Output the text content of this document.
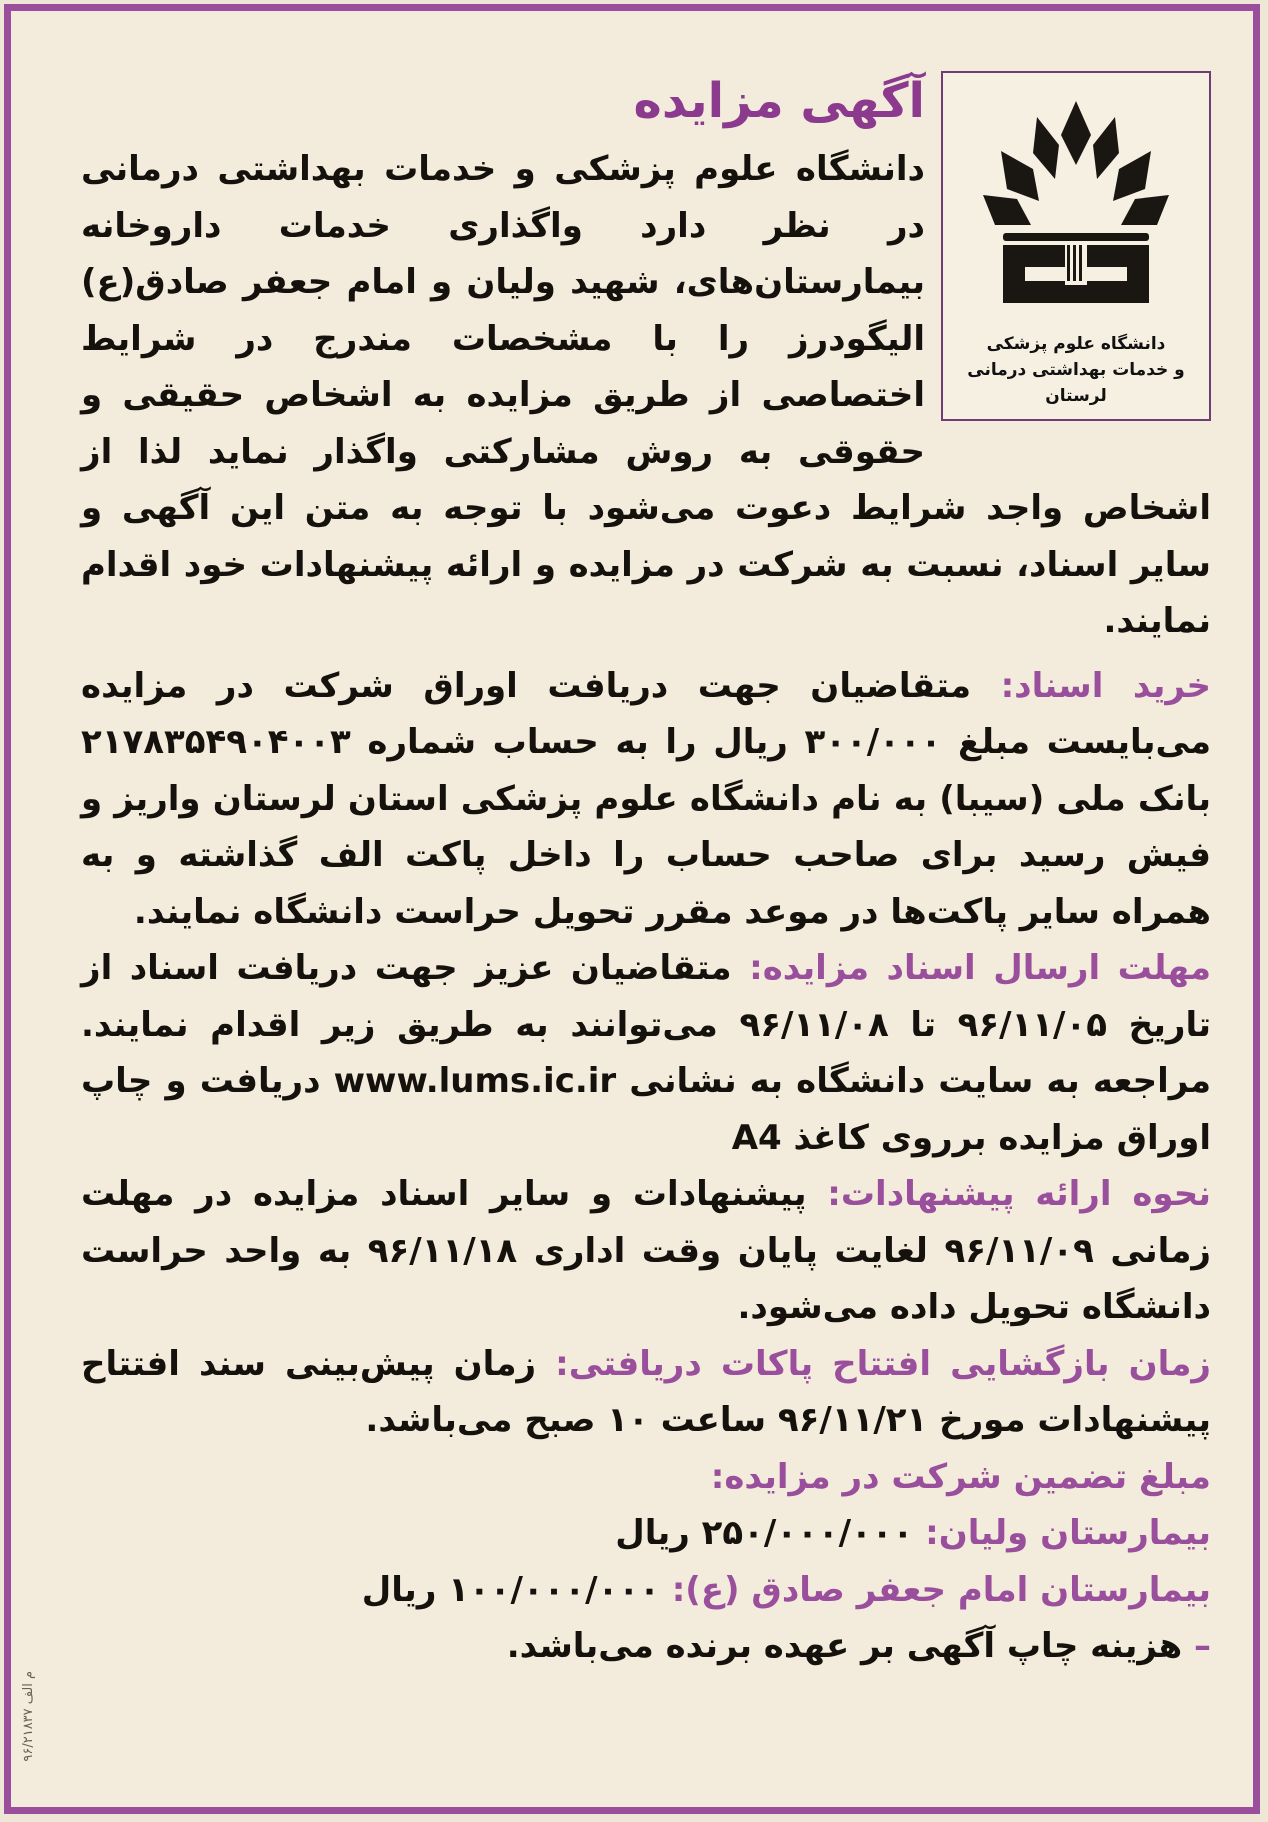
دانشگاه علوم پزشکی
و خدمات بهداشتی درمانی لرستان
آگهی مزایده

دانشگاه علوم پزشکی و خدمات بهداشتی درمانی در نظر دارد واگذاری خدمات داروخانه بیمارستان‌های، شهید ولیان و امام جعفر صادق(ع) الیگودرز را با مشخصات مندرج در شرایط اختصاصی از طریق مزایده به اشخاص حقیقی و حقوقی به روش مشارکتی واگذار نماید لذا از اشخاص واجد شرایط دعوت می‌شود با توجه به متن این آگهی و سایر اسناد، نسبت به شرکت در مزایده و ارائه پیشنهادات خود اقدام نمایند.

خرید اسناد: متقاضیان جهت دریافت اوراق شرکت در مزایده می‌بایست مبلغ ۳۰۰/۰۰۰ ریال را به حساب شماره ۲۱۷۸۳۵۴۹۰۴۰۰۳ بانک ملی (سیبا) به نام دانشگاه علوم پزشکی استان لرستان واریز و فیش رسید برای صاحب حساب را داخل پاکت الف گذاشته و به همراه سایر پاکت‌ها در موعد مقرر تحویل حراست دانشگاه نمایند.

مهلت ارسال اسناد مزایده: متقاضیان عزیز جهت دریافت اسناد از تاریخ ۹۶/۱۱/۰۵ تا ۹۶/۱۱/۰۸ می‌توانند به طریق زیر اقدام نمایند. مراجعه به سایت دانشگاه به نشانی www.lums.ic.ir دریافت و چاپ اوراق مزایده برروی کاغذ A4

نحوه ارائه پیشنهادات: پیشنهادات و سایر اسناد مزایده در مهلت زمانی ۹۶/۱۱/۰۹ لغایت پایان وقت اداری ۹۶/۱۱/۱۸ به واحد حراست دانشگاه تحویل داده می‌شود.

زمان بازگشایی افتتاح پاکات دریافتی: زمان پیش‌بینی سند افتتاح پیشنهادات مورخ ۹۶/۱۱/۲۱ ساعت ۱۰ صبح می‌باشد.

مبلغ تضمین شرکت در مزایده:

بیمارستان ولیان: ۲۵۰/۰۰۰/۰۰۰ ریال

بیمارستان امام جعفر صادق (ع): ۱۰۰/۰۰۰/۰۰۰ ریال

– هزینه چاپ آگهی بر عهده برنده می‌باشد.

۹۶/۲۱۸۳۷ م الف
